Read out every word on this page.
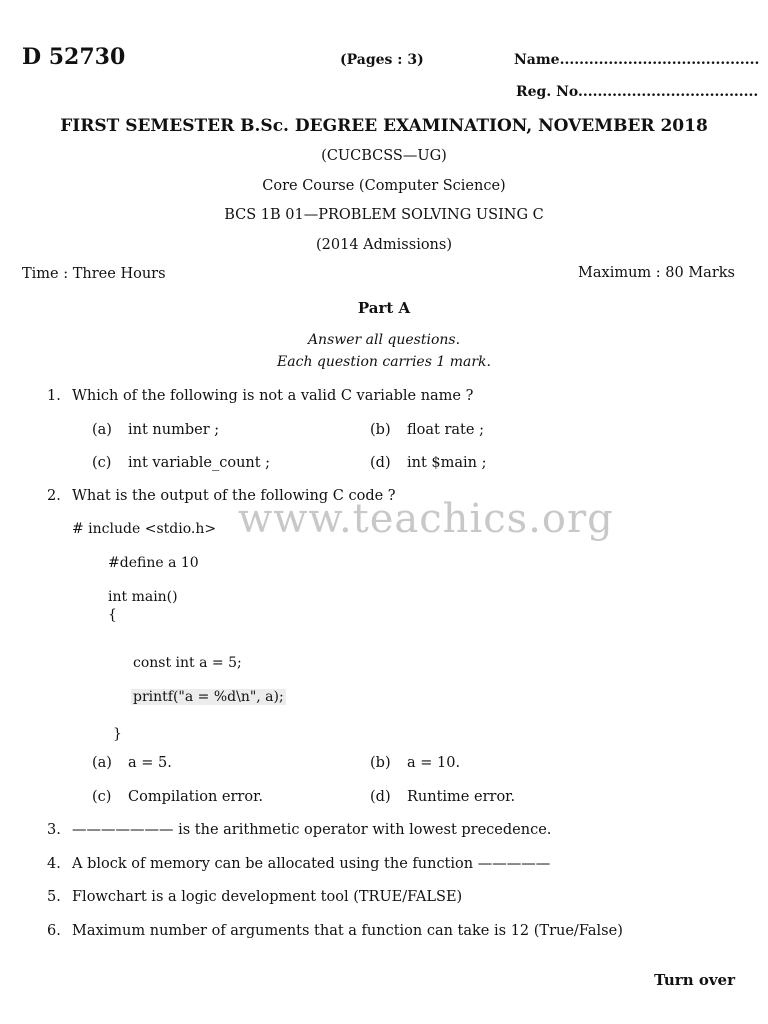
D 52730	(Pages : 3)	Name.........................................
Reg. No.....................................
FIRST SEMESTER B.Sc. DEGREE EXAMINATION, NOVEMBER 2018
(CUCBCSS—UG)
Core Course (Computer Science)
BCS 1B 01—PROBLEM SOLVING USING C
(2014 Admissions)
Time : Three Hours	Maximum : 80 Marks
Part A
Answer all questions.
Each question carries 1 mark.
1. Which of the following is not a valid C variable name ?
(a) int number ;	(b) float rate ;
(c) int variable_count ;	(d) int $main ;
2. What is the output of the following C code ?
www.teachics.org
# include <stdio.h>
#define a 10
int main()
{
const int a = 5;
printf("a = %d\n", a);
}
(a) a = 5.	(b) a = 10.
(c) Compilation error.	(d) Runtime error.
3. ——————— is the arithmetic operator with lowest precedence.
4. A block of memory can be allocated using the function —————
5. Flowchart is a logic development tool (TRUE/FALSE)
6. Maximum number of arguments that a function can take is 12 (True/False)
Turn over
